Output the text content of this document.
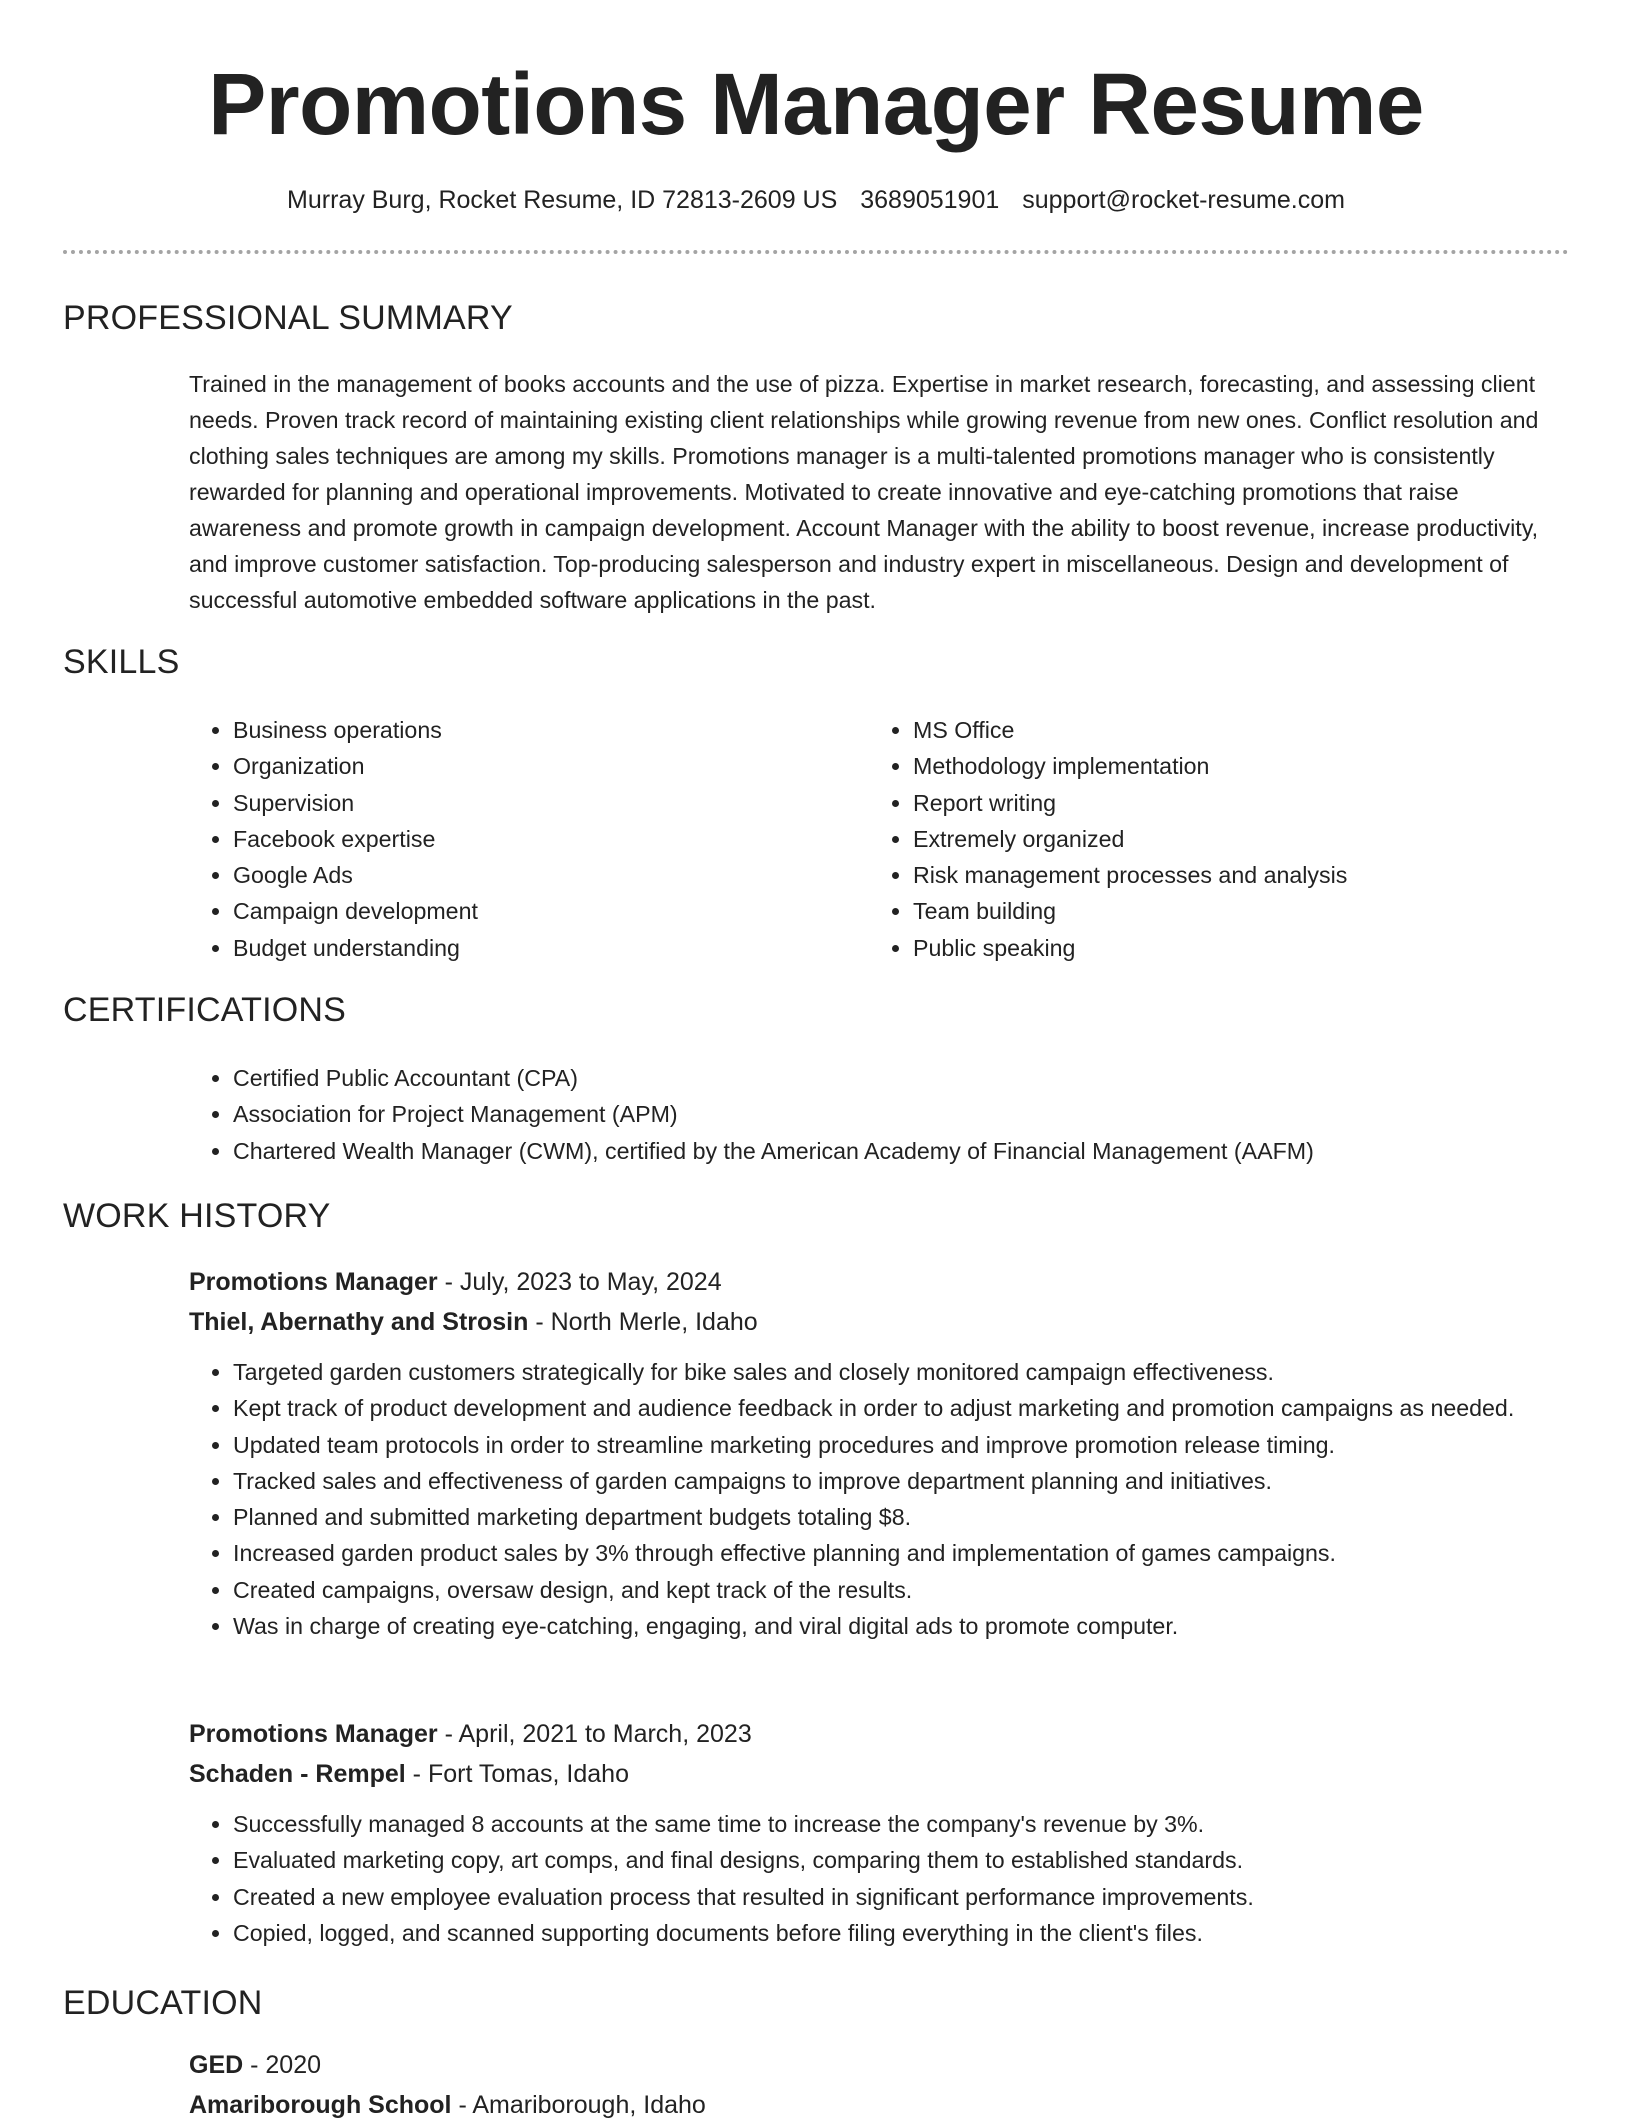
Promotions Manager Resume
Murray Burg, Rocket Resume, ID 72813-2609 US 3689051901 support@rocket-resume.com
PROFESSIONAL SUMMARY

Trained in the management of books accounts and the use of pizza. Expertise in market research, forecasting, and assessing client needs. Proven track record of maintaining existing client relationships while growing revenue from new ones. Conflict resolution and clothing sales techniques are among my skills. Promotions manager is a multi-talented promotions manager who is consistently rewarded for planning and operational improvements. Motivated to create innovative and eye-catching promotions that raise awareness and promote growth in campaign development. Account Manager with the ability to boost revenue, increase productivity, and improve customer satisfaction. Top-producing salesperson and industry expert in miscellaneous. Design and development of successful automotive embedded software applications in the past.

SKILLS
• Business operations
• Organization
• Supervision
• Facebook expertise
• Google Ads
• Campaign development
• Budget understanding
• MS Office
• Methodology implementation
• Report writing
• Extremely organized
• Risk management processes and analysis
• Team building
• Public speaking
CERTIFICATIONS
• Certified Public Accountant (CPA)
• Association for Project Management (APM)
• Chartered Wealth Manager (CWM), certified by the American Academy of Financial Management (AAFM)
WORK HISTORY
Promotions Manager - July, 2023 to May, 2024
Thiel, Abernathy and Strosin - North Merle, Idaho
• Targeted garden customers strategically for bike sales and closely monitored campaign effectiveness.
• Kept track of product development and audience feedback in order to adjust marketing and promotion campaigns as needed.
• Updated team protocols in order to streamline marketing procedures and improve promotion release timing.
• Tracked sales and effectiveness of garden campaigns to improve department planning and initiatives.
• Planned and submitted marketing department budgets totaling $8.
• Increased garden product sales by 3% through effective planning and implementation of games campaigns.
• Created campaigns, oversaw design, and kept track of the results.
• Was in charge of creating eye-catching, engaging, and viral digital ads to promote computer.
Promotions Manager - April, 2021 to March, 2023
Schaden - Rempel - Fort Tomas, Idaho
• Successfully managed 8 accounts at the same time to increase the company's revenue by 3%.
• Evaluated marketing copy, art comps, and final designs, comparing them to established standards.
• Created a new employee evaluation process that resulted in significant performance improvements.
• Copied, logged, and scanned supporting documents before filing everything in the client's files.
EDUCATION
GED - 2020
Amariborough School - Amariborough, Idaho
